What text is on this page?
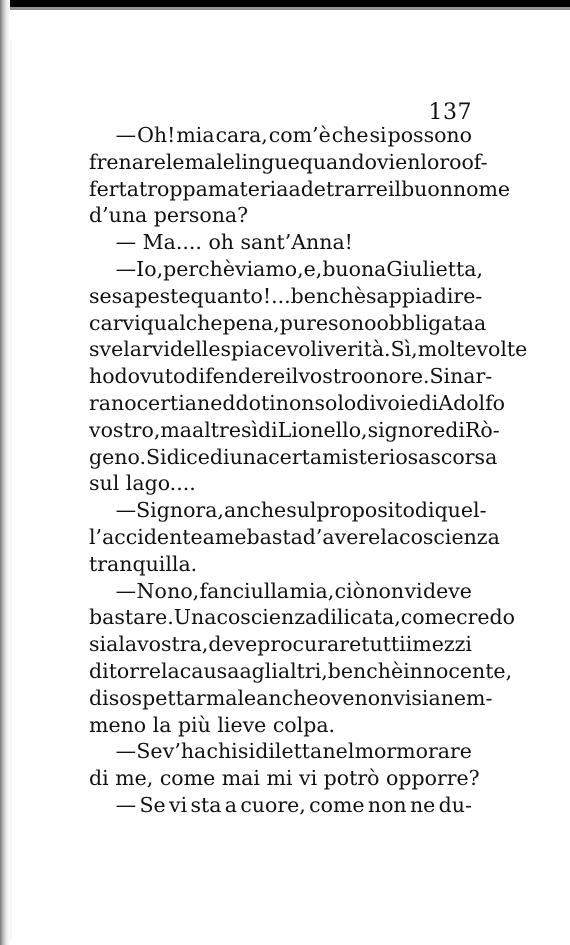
137
— Oh! mia cara, com’è che si possono
frenare le male lingue quando vien loro of-
ferta troppa materia a detrarre il buon nome
d’una persona?
— Ma.... oh sant’Anna!
— Io, perchè vi amo, e, buona Giulietta,
se sapeste quanto!... benchè sappia di re-
carvi qualche pena, pure sono obbligata a
svelarvi delle spiacevoli verità. Sì, molte volte
ho dovuto difendere il vostro onore. Si nar-
rano certi aneddoti non solo di voi e di Adolfo
vostro, ma altresì di Lionello, signore di Rò-
geno. Si dice di una certa misteriosa scorsa
sul lago....
— Signora, anche sul proposito di quel-
l’accidente a me basta d’avere la coscienza
tranquilla.
— No no, fanciulla mia, ciò non vi deve
bastare. Una coscienza dilicata, come credo
sia la vostra, deve procurare tutti i mezzi
di torre la causa agli altri, benchè innocente,
di sospettar male anche ove non vi sia nem-
meno la più lieve colpa.
— Se v’ha chi si diletta nel mormorare
di me, come mai mi vi potrò opporre?
— Se vi sta a cuore, come non ne du-
